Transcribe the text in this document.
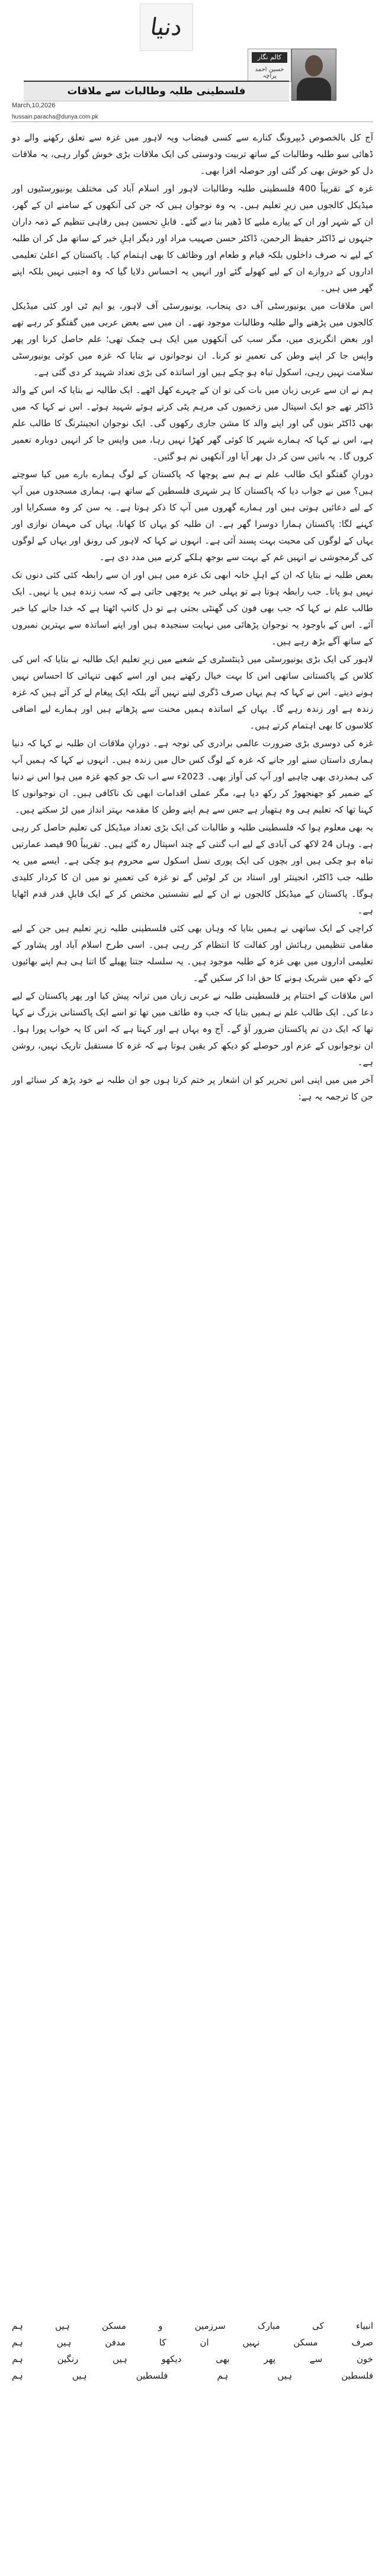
دنیا
کالم نگار
حسین احمد پراچہ
فلسطینی طلبہ وطالبات سے ملاقات
March,10,2026
hussain.paracha@dunya.com.pk

آج کل بالخصوص ڈیپرونگ کنارے سے کسی فیضاب ویہ لاہور میں غزہ سے تعلق رکھنے والے دو ڈھائی سو طلبہ وطالبات کے ساتھ تربیت ودوستی کی ایک ملاقات بڑی خوش گوار رہی، یہ ملاقات دل کو خوش بھی کر گئی اور حوصلہ افزا بھی۔

غزہ کے تقریباً 400 فلسطینی طلبہ وطالبات لاہور اور اسلام آباد کی مختلف یونیورسٹیوں اور میڈیکل کالجوں میں زیرِ تعلیم ہیں۔ یہ وہ نوجوان ہیں کہ جن کی آنکھوں کے سامنے ان کے گھر، ان کے شہر اور ان کے پیارے ملبے کا ڈھیر بنا دیے گئے۔ قابلِ تحسین ہیں رفاہی تنظیم کے ذمہ داران جنہوں نے ڈاکٹر حفیظ الرحمن، ڈاکٹر حسن صہیب مراد اور دیگر اہلِ خیر کے ساتھ مل کر ان طلبہ کے لیے نہ صرف داخلوں بلکہ قیام و طعام اور وظائف کا بھی اہتمام کیا۔ پاکستان کے اعلیٰ تعلیمی اداروں کے دروازے ان کے لیے کھولے گئے اور انہیں یہ احساس دلایا گیا کہ وہ اجنبی نہیں بلکہ اپنے گھر میں ہیں۔

اس ملاقات میں یونیورسٹی آف دی پنجاب، یونیورسٹی آف لاہور، یو ایم ٹی اور کئی میڈیکل کالجوں میں پڑھنے والے طلبہ وطالبات موجود تھے۔ ان میں سے بعض عربی میں گفتگو کر رہے تھے اور بعض انگریزی میں، مگر سب کی آنکھوں میں ایک ہی چمک تھی؛ علم حاصل کرنا اور پھر واپس جا کر اپنے وطن کی تعمیرِ نو کرنا۔ ان نوجوانوں نے بتایا کہ غزہ میں کوئی یونیورسٹی سلامت نہیں رہی، اسکول تباہ ہو چکے ہیں اور اساتذہ کی بڑی تعداد شہید کر دی گئی ہے۔

ہم نے ان سے عربی زبان میں بات کی تو ان کے چہرے کھل اٹھے۔ ایک طالبہ نے بتایا کہ اس کے والد ڈاکٹر تھے جو ایک اسپتال میں زخمیوں کی مرہم پٹی کرتے ہوئے شہید ہوئے۔ اس نے کہا کہ میں بھی ڈاکٹر بنوں گی اور اپنے والد کا مشن جاری رکھوں گی۔ ایک نوجوان انجینئرنگ کا طالب علم ہے، اس نے کہا کہ ہمارے شہر کا کوئی گھر کھڑا نہیں رہا، میں واپس جا کر انہیں دوبارہ تعمیر کروں گا۔ یہ باتیں سن کر دل بھر آیا اور آنکھیں نم ہو گئیں۔

دورانِ گفتگو ایک طالب علم نے ہم سے پوچھا کہ پاکستان کے لوگ ہمارے بارے میں کیا سوچتے ہیں؟ میں نے جواب دیا کہ پاکستان کا ہر شہری فلسطین کے ساتھ ہے، ہماری مسجدوں میں آپ کے لیے دعائیں ہوتی ہیں اور ہمارے گھروں میں آپ کا ذکر ہوتا ہے۔ یہ سن کر وہ مسکرایا اور کہنے لگا: پاکستان ہمارا دوسرا گھر ہے۔ ان طلبہ کو یہاں کا کھانا، یہاں کی مہمان نوازی اور یہاں کے لوگوں کی محبت بہت پسند آئی ہے۔ انہوں نے کہا کہ لاہور کی رونق اور یہاں کے لوگوں کی گرمجوشی نے انہیں غم کے بہت سے بوجھ ہلکے کرنے میں مدد دی ہے۔

بعض طلبہ نے بتایا کہ ان کے اہلِ خانہ ابھی تک غزہ میں ہیں اور ان سے رابطہ کئی کئی دنوں تک نہیں ہو پاتا۔ جب رابطہ ہوتا ہے تو پہلی خبر یہ پوچھی جاتی ہے کہ سب زندہ ہیں یا نہیں۔ ایک طالب علم نے کہا کہ جب بھی فون کی گھنٹی بجتی ہے تو دل کانپ اٹھتا ہے کہ خدا جانے کیا خبر آئے۔ اس کے باوجود یہ نوجوان پڑھائی میں نہایت سنجیدہ ہیں اور اپنے اساتذہ سے بہترین نمبروں کے ساتھ آگے بڑھ رہے ہیں۔

لاہور کی ایک بڑی یونیورسٹی میں ڈینٹسٹری کے شعبے میں زیرِ تعلیم ایک طالبہ نے بتایا کہ اس کی کلاس کے پاکستانی ساتھی اس کا بہت خیال رکھتے ہیں اور اسے کبھی تنہائی کا احساس نہیں ہونے دیتے۔ اس نے کہا کہ ہم یہاں صرف ڈگری لینے نہیں آئے بلکہ ایک پیغام لے کر آئے ہیں کہ غزہ زندہ ہے اور زندہ رہے گا۔ یہاں کے اساتذہ ہمیں محنت سے پڑھاتے ہیں اور ہمارے لیے اضافی کلاسوں کا بھی اہتمام کرتے ہیں۔

غزہ کی دوسری بڑی ضرورت عالمی برادری کی توجہ ہے۔ دورانِ ملاقات ان طلبہ نے کہا کہ دنیا ہماری داستان سنے اور جانے کہ غزہ کے لوگ کس حال میں زندہ ہیں۔ انہوں نے کہا کہ ہمیں آپ کی ہمدردی بھی چاہیے اور آپ کی آواز بھی۔ 2023ء سے اب تک جو کچھ غزہ میں ہوا اس نے دنیا کے ضمیر کو جھنجھوڑ کر رکھ دیا ہے، مگر عملی اقدامات ابھی تک ناکافی ہیں۔ ان نوجوانوں کا کہنا تھا کہ تعلیم ہی وہ ہتھیار ہے جس سے ہم اپنے وطن کا مقدمہ بہتر انداز میں لڑ سکتے ہیں۔

یہ بھی معلوم ہوا کہ فلسطینی طلبہ و طالبات کی ایک بڑی تعداد میڈیکل کی تعلیم حاصل کر رہی ہے۔ وہاں 24 لاکھ کی آبادی کے لیے اب گنتی کے چند اسپتال رہ گئے ہیں۔ تقریباً 90 فیصد عمارتیں تباہ ہو چکی ہیں اور بچوں کی ایک پوری نسل اسکول سے محروم ہو چکی ہے۔ ایسے میں یہ طلبہ جب ڈاکٹر، انجینئر اور استاد بن کر لوٹیں گے تو غزہ کی تعمیرِ نو میں ان کا کردار کلیدی ہوگا۔ پاکستان کے میڈیکل کالجوں نے ان کے لیے نشستیں مختص کر کے ایک قابلِ قدر قدم اٹھایا ہے۔

کراچی کے ایک ساتھی نے ہمیں بتایا کہ وہاں بھی کئی فلسطینی طلبہ زیرِ تعلیم ہیں جن کے لیے مقامی تنظیمیں رہائش اور کفالت کا انتظام کر رہی ہیں۔ اسی طرح اسلام آباد اور پشاور کے تعلیمی اداروں میں بھی غزہ کے طلبہ موجود ہیں۔ یہ سلسلہ جتنا پھیلے گا اتنا ہی ہم اپنے بھائیوں کے دکھ میں شریک ہونے کا حق ادا کر سکیں گے۔

اس ملاقات کے اختتام پر فلسطینی طلبہ نے عربی زبان میں ترانہ پیش کیا اور پھر پاکستان کے لیے دعا کی۔ ایک طالب علم نے ہمیں بتایا کہ جب وہ طائف میں تھا تو اسے ایک پاکستانی بزرگ نے کہا تھا کہ ایک دن تم پاکستان ضرور آؤ گے۔ آج وہ یہاں ہے اور کہتا ہے کہ اس کا یہ خواب پورا ہوا۔ ان نوجوانوں کے عزم اور حوصلے کو دیکھ کر یقین ہوتا ہے کہ غزہ کا مستقبل تاریک نہیں، روشن ہے۔

آخر میں میں اپنی اس تحریر کو ان اشعار پر ختم کرتا ہوں جو ان طلبہ نے خود پڑھ کر سنائے اور جن کا ترجمہ یہ ہے:

انبیاء
کی
مبارک
سرزمین
و
مسکن
ہیں
ہم
صرف
مسکن
نہیں
ان
کا
مدفن
ہیں
ہم
خون
سے
پھر
بھی
دیکھو
ہیں
رنگین
ہم
فلسطین
ہیں
ہم
فلسطین
ہیں
ہم
